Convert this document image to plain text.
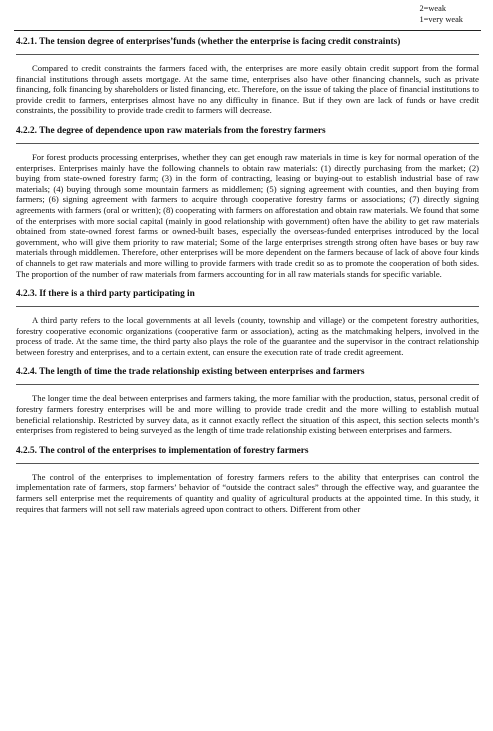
2=weak
1=very weak
4.2.1. The tension degree of enterprises’funds (whether the enterprise is facing credit constraints)

Compared to credit constraints the farmers faced with, the enterprises are more easily obtain credit support from the formal financial institutions through assets mortgage. At the same time, enterprises also have other financing channels, such as private financing, folk financing by shareholders or listed financing, etc. Therefore, on the issue of taking the place of financial institutions to provide credit to farmers, enterprises almost have no any difficulty in finance. But if they own are lack of funds or have credit constraints, the possibility to provide trade credit to farmers will decrease.

4.2.2. The degree of dependence upon raw materials from the forestry farmers

For forest products processing enterprises, whether they can get enough raw materials in time is key for normal operation of the enterprises. Enterprises mainly have the following channels to obtain raw materials: (1) directly purchasing from the market; (2) buying from state-owned forestry farm; (3) in the form of contracting, leasing or buying-out to establish industrial base of raw materials; (4) buying through some mountain farmers as middlemen; (5) signing agreement with counties, and then buying from farmers; (6) signing agreement with farmers to acquire through cooperative forestry farms or associations; (7) directly signing agreements with farmers (oral or written); (8) cooperating with farmers on afforestation and obtain raw materials. We found that some of the enterprises with more social capital (mainly in good relationship with government) often have the ability to get raw materials obtained from state-owned forest farms or owned-built bases, especially the overseas-funded enterprises introduced by the local government, who will give them priority to raw material; Some of the large enterprises strength strong often have bases or buy raw materials through middlemen. Therefore, other enterprises will be more dependent on the farmers because of lack of above four kinds of channels to get raw materials and more willing to provide farmers with trade credit so as to promote the cooperation of both sides. The proportion of the number of raw materials from farmers accounting for in all raw materials stands for specific variable.

4.2.3. If there is a third party participating in

A third party refers to the local governments at all levels (county, township and village) or the competent forestry authorities, forestry cooperative economic organizations (cooperative farm or association), acting as the matchmaking helpers, involved in the process of trade. At the same time, the third party also plays the role of the guarantee and the supervisor in the contract relationship between forestry and enterprises, and to a certain extent, can ensure the execution rate of trade credit agreement.

4.2.4. The length of time the trade relationship existing between enterprises and farmers

The longer time the deal between enterprises and farmers taking, the more familiar with the production, status, personal credit of forestry farmers forestry enterprises will be and more willing to provide trade credit and the more willing to establish mutual beneficial relationship. Restricted by survey data, as it cannot exactly reflect the situation of this aspect, this section selects month’s enterprises from registered to being surveyed as the length of time trade relationship existing between enterprises and farmers.

4.2.5. The control of the enterprises to implementation of forestry farmers

The control of the enterprises to implementation of forestry farmers refers to the ability that enterprises can control the implementation rate of farmers, stop farmers’ behavior of “outside the contract sales” through the effective way, and guarantee the farmers sell enterprise met the requirements of quantity and quality of agricultural products at the appointed time. In this study, it requires that farmers will not sell raw materials agreed upon contract to others. Different from other
